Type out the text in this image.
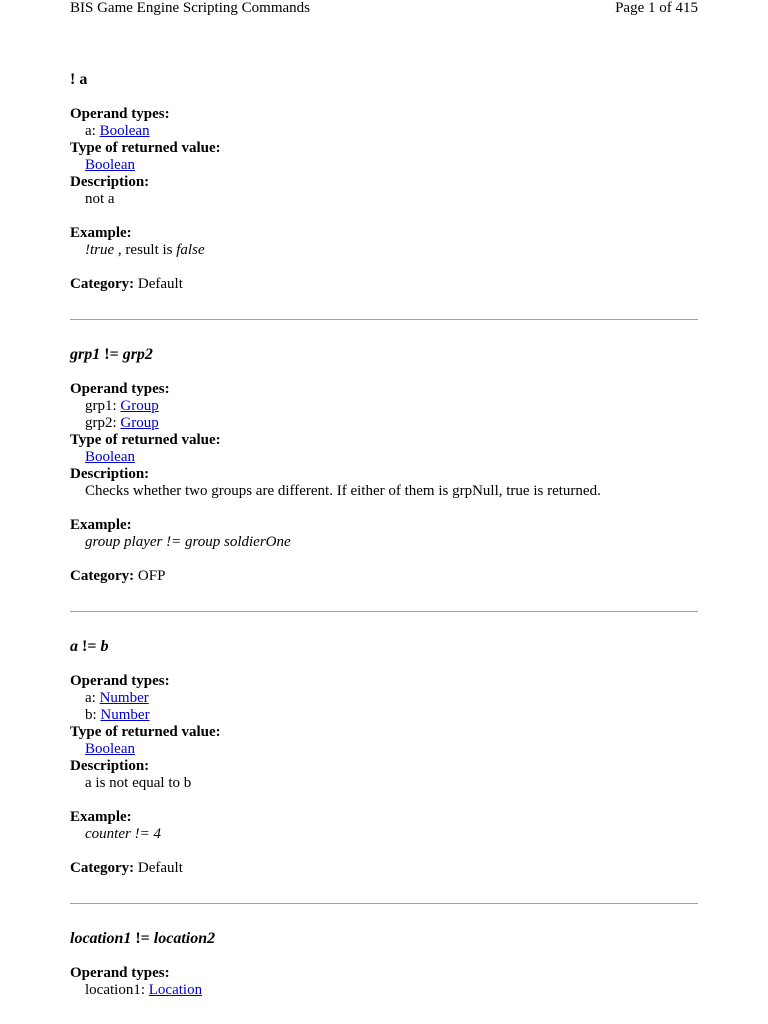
BIS Game Engine Scripting Commands	Page 1 of 415
! a
Operand types:
a: Boolean
Type of returned value:
Boolean
Description:
not a
Example:
!true , result is false
Category: Default
grp1 != grp2
Operand types:
grp1: Group
grp2: Group
Type of returned value:
Boolean
Description:
Checks whether two groups are different. If either of them is grpNull, true is returned.
Example:
group player != group soldierOne
Category: OFP
a != b
Operand types:
a: Number
b: Number
Type of returned value:
Boolean
Description:
a is not equal to b
Example:
counter != 4
Category: Default
location1 != location2
Operand types:
location1: Location
